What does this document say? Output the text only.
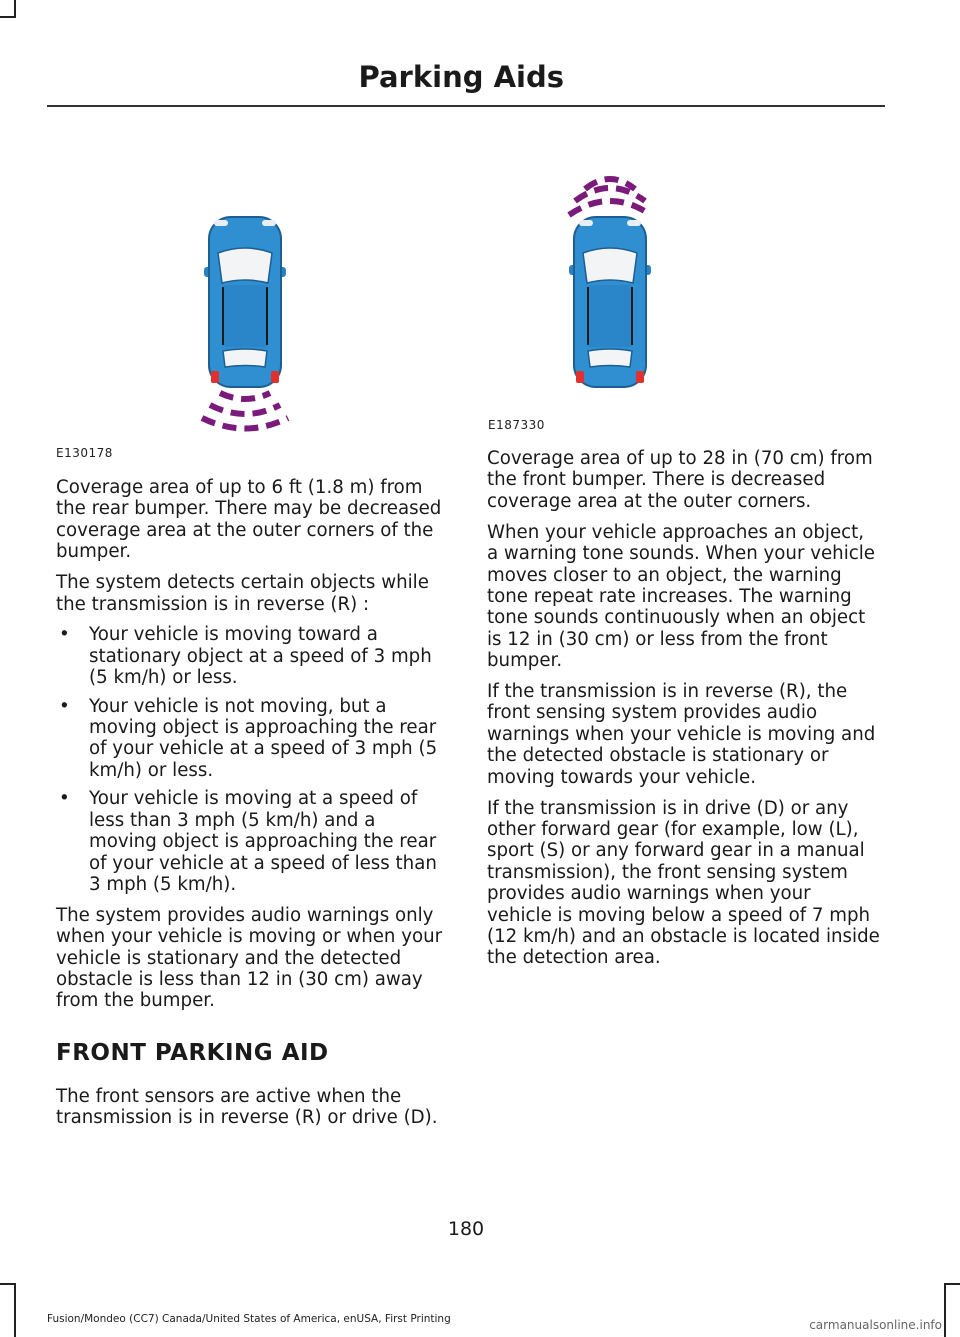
Parking Aids
E130178
E187330

Coverage area of up to 6 ft (1.8 m) from the rear bumper. There may be decreased coverage area at the outer corners of the bumper.

The system detects certain objects while the transmission is in reverse (R) :

• Your vehicle is moving toward a stationary object at a speed of 3 mph (5 km/h) or less.
• Your vehicle is not moving, but a moving object is approaching the rear of your vehicle at a speed of 3 mph (5 km/h) or less.
• Your vehicle is moving at a speed of less than 3 mph (5 km/h) and a moving object is approaching the rear of your vehicle at a speed of less than 3 mph (5 km/h).

The system provides audio warnings only when your vehicle is moving or when your vehicle is stationary and the detected obstacle is less than 12 in (30 cm) away from the bumper.

FRONT PARKING AID

The front sensors are active when the transmission is in reverse (R) or drive (D).

Coverage area of up to 28 in (70 cm) from the front bumper. There is decreased coverage area at the outer corners.

When your vehicle approaches an object, a warning tone sounds. When your vehicle moves closer to an object, the warning tone repeat rate increases. The warning tone sounds continuously when an object is 12 in (30 cm) or less from the front bumper.

If the transmission is in reverse (R), the front sensing system provides audio warnings when your vehicle is moving and the detected obstacle is stationary or moving towards your vehicle.

If the transmission is in drive (D) or any other forward gear (for example, low (L), sport (S) or any forward gear in a manual transmission), the front sensing system provides audio warnings when your vehicle is moving below a speed of 7 mph (12 km/h) and an obstacle is located inside the detection area.

180
Fusion/Mondeo (CC7) Canada/United States of America, enUSA, First Printing	carmanualsonline.info
